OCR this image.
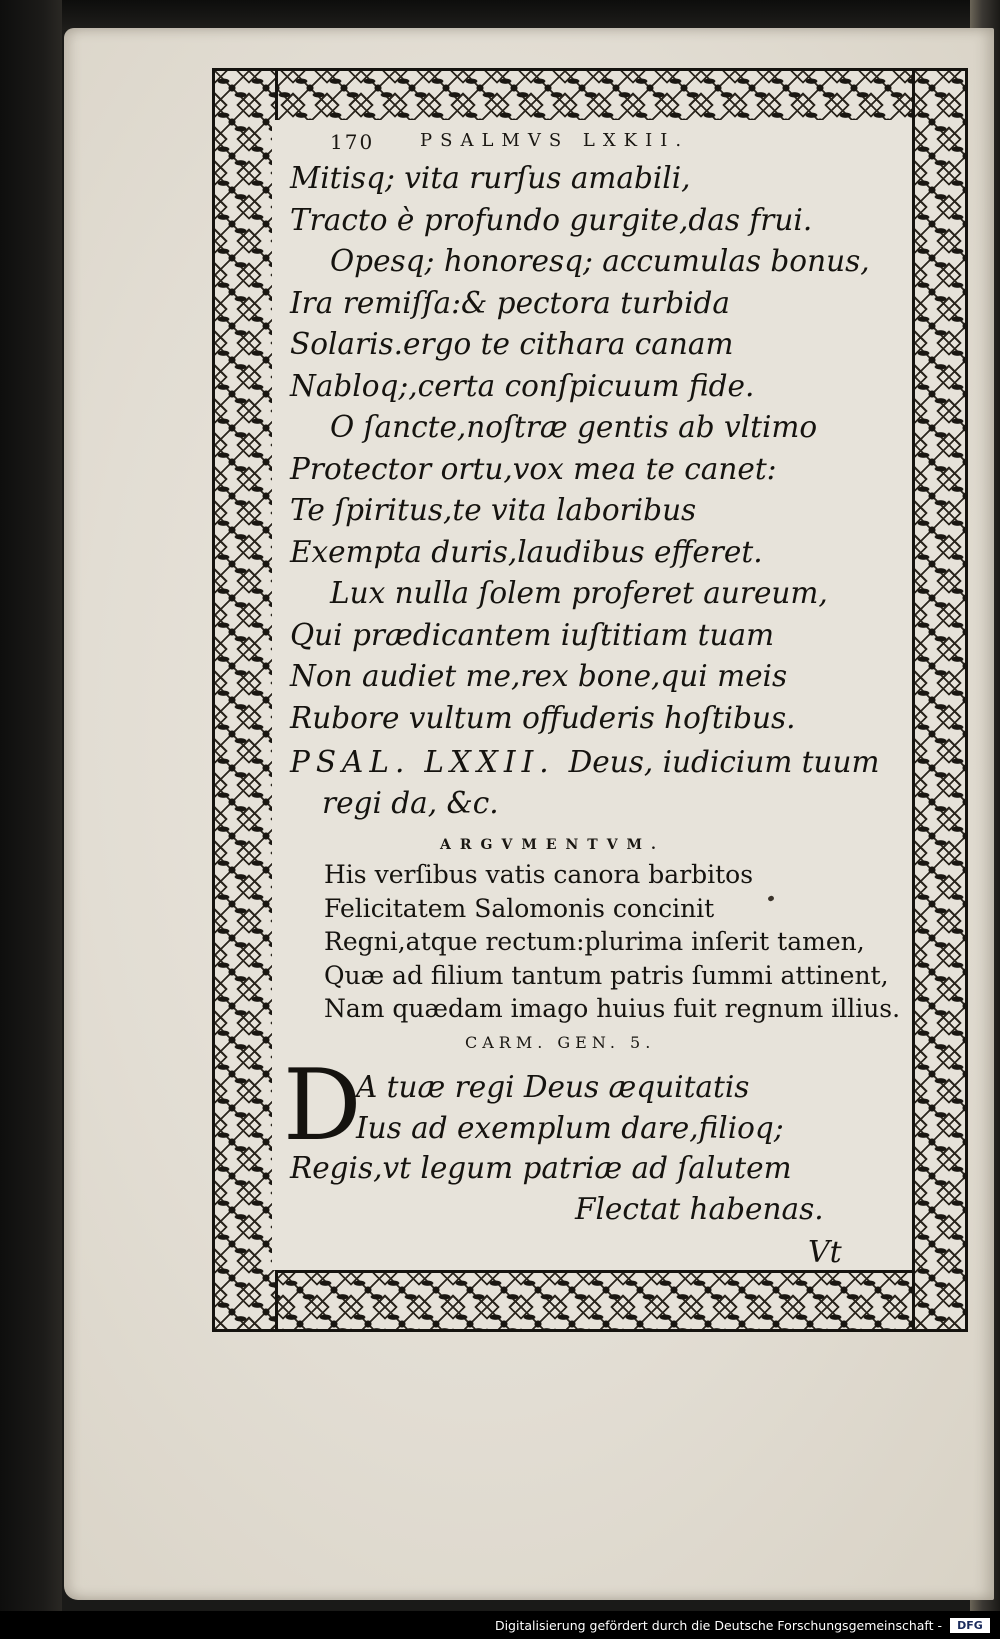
170	PSALMVS LXKII.
Mitisq; vita rurſus amabili,
Tracto è profundo gurgite,das frui.
Opesq; honoresq; accumulas bonus,
Ira remiſſa:& pectora turbida
Solaris.ergo te cithara canam
Nabloq;,certa conſpicuum fide.
O ſancte,noſtræ gentis ab vltimo
Protector ortu,vox mea te canet:
Te ſpiritus,te vita laboribus
Exempta duris,laudibus efferet.
Lux nulla ſolem proferet aureum,
Qui prædicantem iuſtitiam tuam
Non audiet me,rex bone,qui meis
Rubore vultum offuderis hoſtibus.
PSAL. LXXII. Deus, iudicium tuum
regi da, &c.
ARGVMENTVM.
His verſibus vatis canora barbitos
Felicitatem Salomonis concinit
Regni,atque rectum:plurima inſerit tamen,
Quæ ad filium tantum patris ſummi attinent,
Nam quædam imago huius fuit regnum illius.
CARM. GEN. 5.
D
A tuæ regi Deus æquitatis
Ius ad exemplum dare,filioq;
Regis,vt legum patriæ ad ſalutem
Flectat habenas.
Vt
Digitalisierung gefördert durch die Deutsche Forschungsgemeinschaft -	DFG
